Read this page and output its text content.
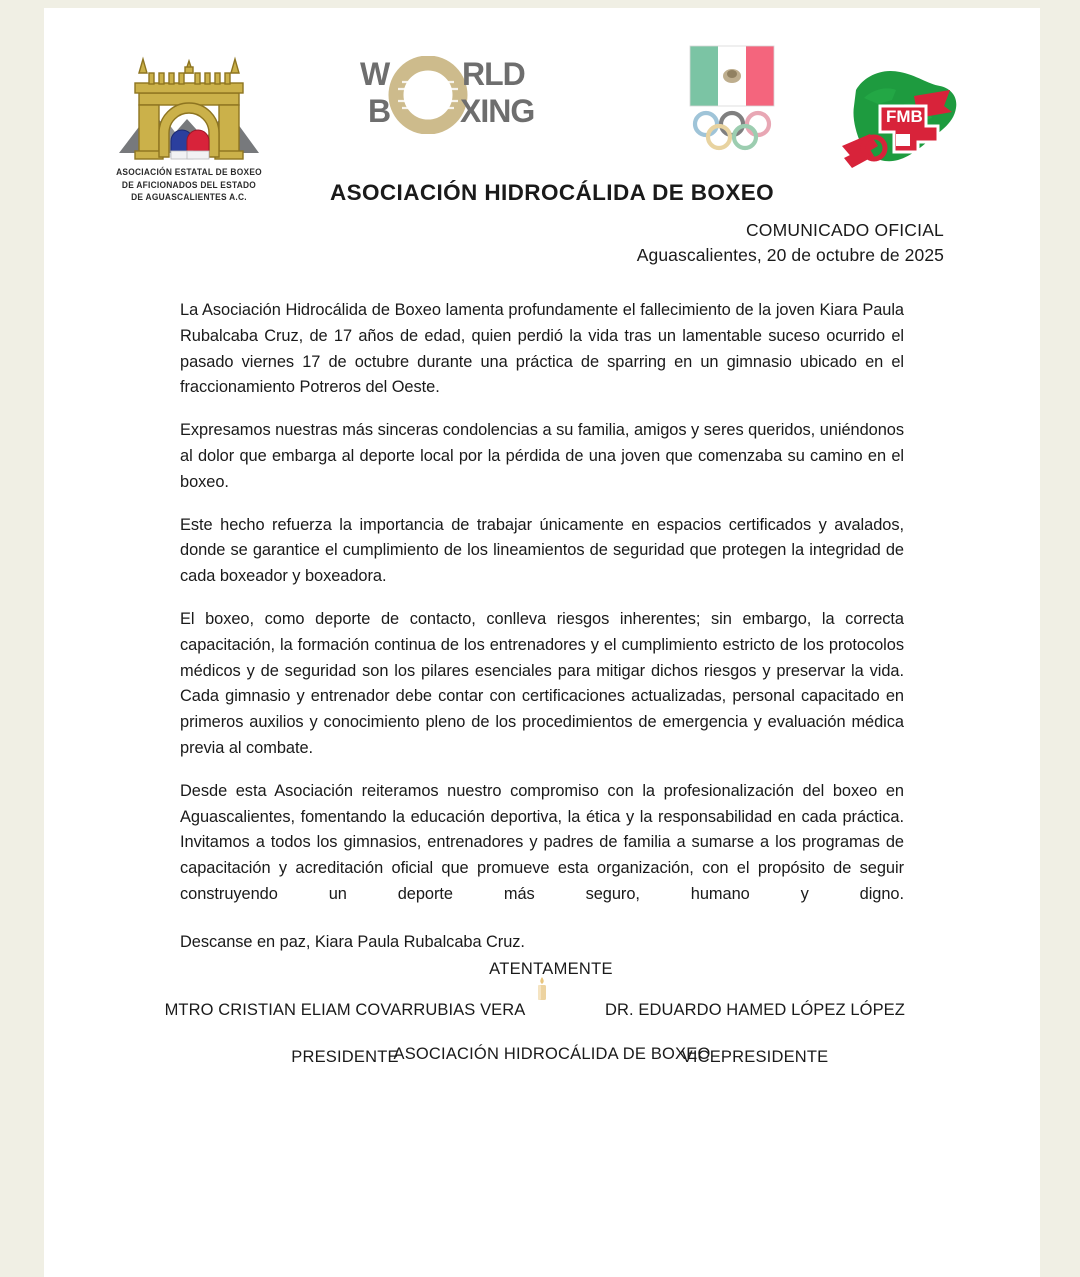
ASOCIACIÓN ESTATAL DE BOXEO
DE AFICIONADOS DEL ESTADO
DE AGUASCALIENTES A.C.
W RLD
B XING	FMB
ASOCIACIÓN HIDROCÁLIDA DE BOXEO
COMUNICADO OFICIAL
Aguascalientes, 20 de octubre de 2025

La Asociación Hidrocálida de Boxeo lamenta profundamente el fallecimiento de la joven Kiara Paula Rubalcaba Cruz, de 17 años de edad, quien perdió la vida tras un lamentable suceso ocurrido el pasado viernes 17 de octubre durante una práctica de sparring en un gimnasio ubicado en el fraccionamiento Potreros del Oeste.

Expresamos nuestras más sinceras condolencias a su familia, amigos y seres queridos, uniéndonos al dolor que embarga al deporte local por la pérdida de una joven que comenzaba su camino en el boxeo.

Este hecho refuerza la importancia de trabajar únicamente en espacios certificados y avalados, donde se garantice el cumplimiento de los lineamientos de seguridad que protegen la integridad de cada boxeador y boxeadora.

El boxeo, como deporte de contacto, conlleva riesgos inherentes; sin embargo, la correcta capacitación, la formación continua de los entrenadores y el cumplimiento estricto de los protocolos médicos y de seguridad son los pilares esenciales para mitigar dichos riesgos y preservar la vida. Cada gimnasio y entrenador debe contar con certificaciones actualizadas, personal capacitado en primeros auxilios y conocimiento pleno de los procedimientos de emergencia y evaluación médica previa al combate.

Desde esta Asociación reiteramos nuestro compromiso con la profesionalización del boxeo en Aguascalientes, fomentando la educación deportiva, la ética y la responsabilidad en cada práctica. Invitamos a todos los gimnasios, entrenadores y padres de familia a sumarse a los programas de capacitación y acreditación oficial que promueve esta organización, con el propósito de seguir construyendo un deporte más seguro, humano y digno.

Descanse en paz, Kiara Paula Rubalcaba Cruz.

ATENTAMENTE
MTRO CRISTIAN ELIAM COVARRUBIAS VERA
PRESIDENTE
DR. EDUARDO HAMED LÓPEZ LÓPEZ
VICEPRESIDENTE
ASOCIACIÓN HIDROCÁLIDA DE BOXEO
